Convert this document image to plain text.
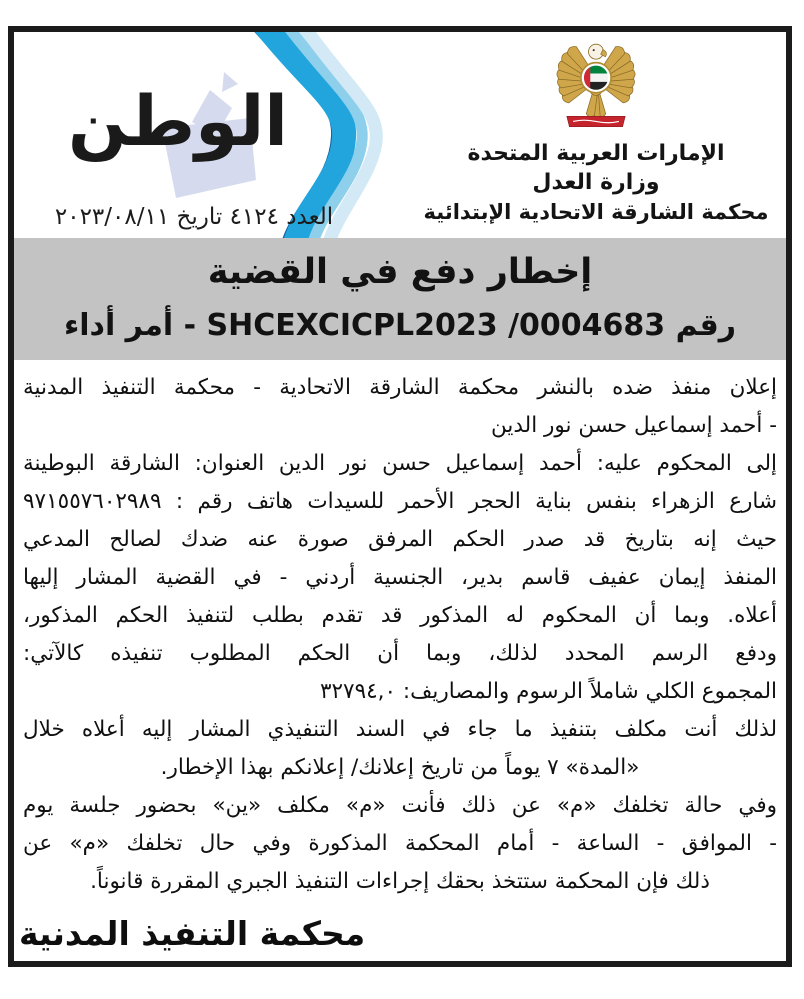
الوطن
العدد ٤١٢٤ تاريخ ٢٠٢٣/٠٨/١١
الإمارات العربية المتحدة
وزارة العدل
محكمة الشارقة الاتحادية الإبتدائية
إخطار دفع في القضية
رقم 0004683/ SHCEXCICPL2023 - أمر أداء
إعلان منفذ ضده بالنشر محكمة الشارقة الاتحادية - محكمة التنفيذ المدنية
- أحمد إسماعيل حسن نور الدين
إلى المحكوم عليه: أحمد إسماعيل حسن نور الدين العنوان: الشارقة البوطينة
شارع الزهراء بنفس بناية الحجر الأحمر للسيدات هاتف رقم : ٩٧١٥٥٧٦٠٢٩٨٩
حيث إنه بتاريخ قد صدر الحكم المرفق صورة عنه ضدك لصالح المدعي
المنفذ إيمان عفيف قاسم بدير، الجنسية أردني - في القضية المشار إليها
أعلاه. وبما أن المحكوم له المذكور قد تقدم بطلب لتنفيذ الحكم المذكور،
ودفع الرسم المحدد لذلك، وبما أن الحكم المطلوب تنفيذه كالآتي:
المجموع الكلي شاملاً الرسوم والمصاريف: ٣٢٧٩٤,٠
لذلك أنت مكلف بتنفيذ ما جاء في السند التنفيذي المشار إليه أعلاه خلال
«المدة» ٧ يوماً من تاريخ إعلانك/ إعلانكم بهذا الإخطار.
وفي حالة تخلفك «م» عن ذلك فأنت «م» مكلف «ين» بحضور جلسة يوم
- الموافق - الساعة - أمام المحكمة المذكورة وفي حال تخلفك «م» عن
ذلك فإن المحكمة ستتخذ بحقك إجراءات التنفيذ الجبري المقررة قانوناً.
محكمة التنفيذ المدنية
